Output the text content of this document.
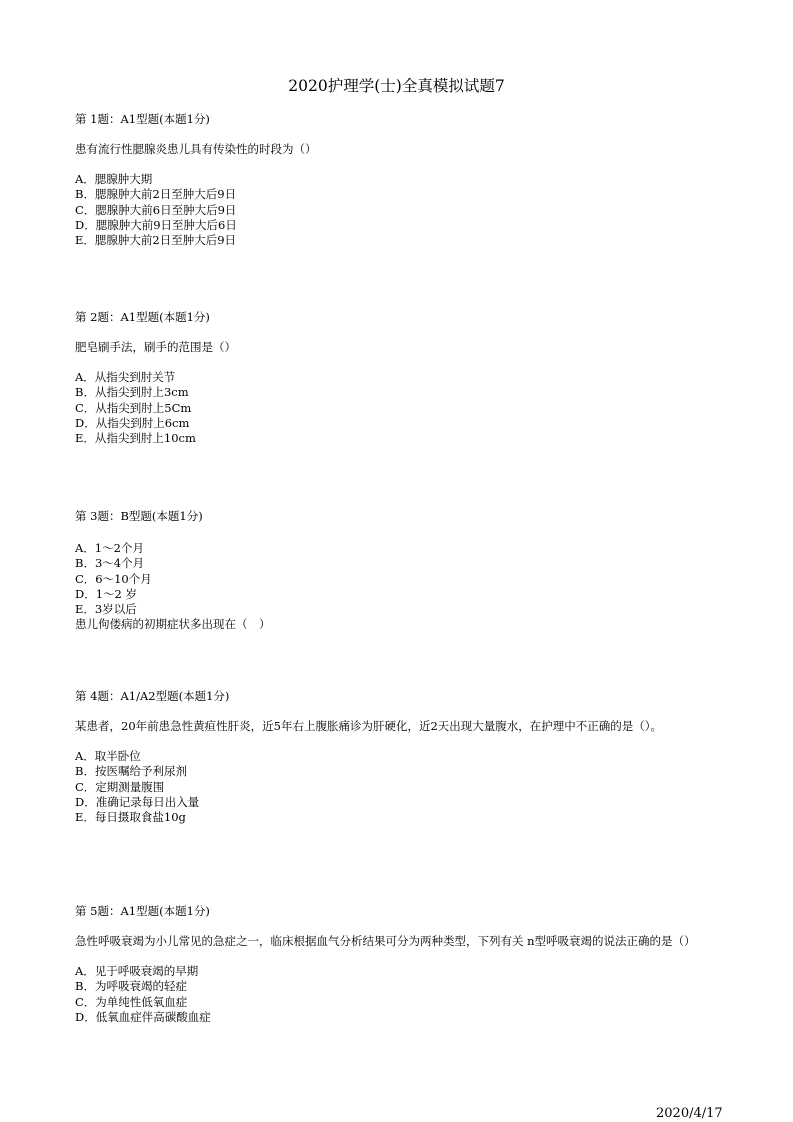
2020护理学(士)全真模拟试题7
第 1题：A1型题(本题1分)
患有流行性腮腺炎患儿具有传染性的时段为（）
A．腮腺肿大期
B．腮腺肿大前2日至肿大后9日
C．腮腺肿大前6日至肿大后9日
D．腮腺肿大前9日至肿大后6日
E．腮腺肿大前2日至肿大后9日
第 2题：A1型题(本题1分)
肥皂刷手法，刷手的范围是（）
A．从指尖到肘关节
B．从指尖到肘上3cm
C．从指尖到肘上5Cm
D．从指尖到肘上6cm
E．从指尖到肘上10cm
第 3题：B型题(本题1分)
A．1～2个月
B．3～4个月
C．6～10个月
D．1～2 岁
E．3岁以后
患儿佝偻病的初期症状多出现在（　）
第 4题：A1/A2型题(本题1分)
某患者，20年前患急性黄疸性肝炎，近5年右上腹胀痛诊为肝硬化，近2天出现大量腹水，在护理中不正确的是（）。
A．取半卧位
B．按医嘱给予利尿剂
C．定期测量腹围
D．准确记录每日出入量
E．每日摄取食盐10g
第 5题：A1型题(本题1分)
急性呼吸衰竭为小儿常见的急症之一，临床根据血气分析结果可分为两种类型，下列有关 n型呼吸衰竭的说法正确的是（）
A．见于呼吸衰竭的早期
B．为呼吸衰竭的轻症
C．为单纯性低氧血症
D．低氧血症伴高碳酸血症
2020/4/17
